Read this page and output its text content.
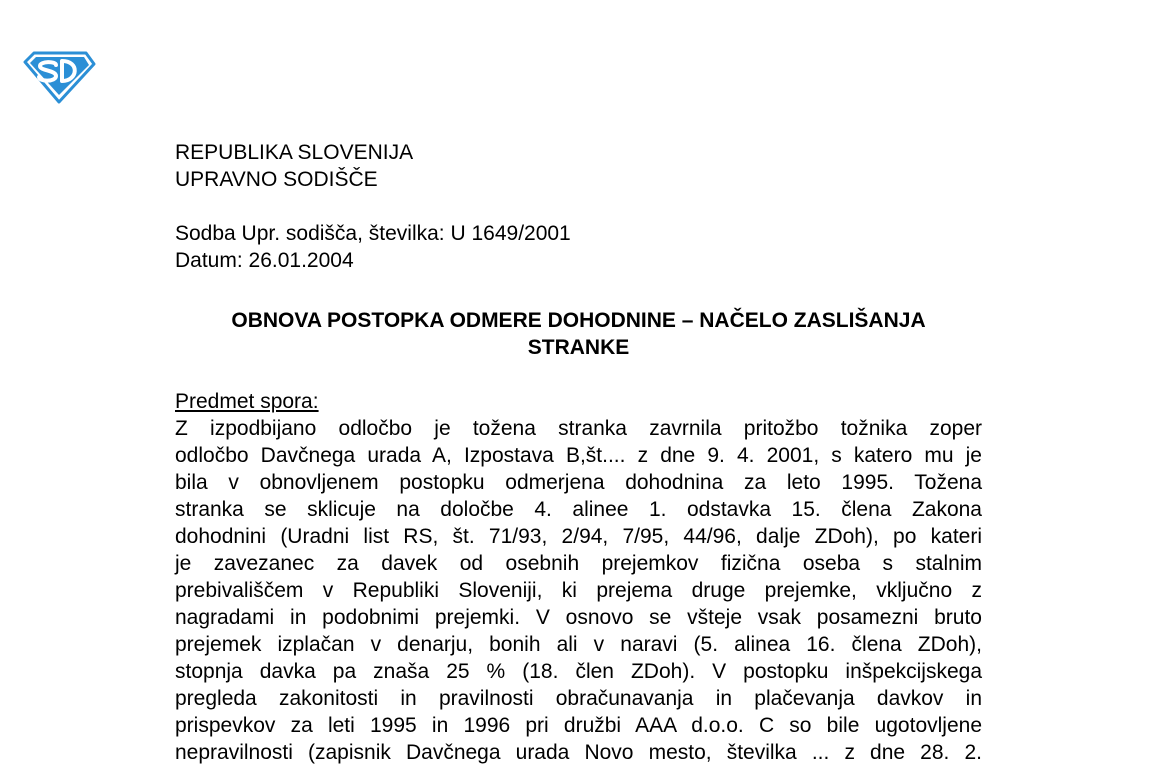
REPUBLIKA SLOVENIJA
UPRAVNO SODIŠČE
Sodba Upr. sodišča, številka: U 1649/2001
Datum: 26.01.2004
OBNOVA POSTOPKA ODMERE DOHODNINE – NAČELO ZASLIŠANJA
STRANKE
Predmet spora:

Z izpodbijano odločbo je tožena stranka zavrnila pritožbo tožnika zoper

odločbo Davčnega urada A, Izpostava B,št.... z dne 9. 4. 2001, s katero mu je

bila v obnovljenem postopku odmerjena dohodnina za leto 1995. Tožena

stranka se sklicuje na določbe 4. alinee 1. odstavka 15. člena Zakona

dohodnini (Uradni list RS, št. 71/93, 2/94, 7/95, 44/96, dalje ZDoh), po kateri

je zavezanec za davek od osebnih prejemkov fizična oseba s stalnim

prebivališčem v Republiki Sloveniji, ki prejema druge prejemke, vključno z

nagradami in podobnimi prejemki. V osnovo se všteje vsak posamezni bruto

prejemek izplačan v denarju, bonih ali v naravi (5. alinea 16. člena ZDoh),

stopnja davka pa znaša 25 % (18. člen ZDoh). V postopku inšpekcijskega

pregleda zakonitosti in pravilnosti obračunavanja in plačevanja davkov in

prispevkov za leti 1995 in 1996 pri družbi AAA d.o.o. C so bile ugotovljene

nepravilnosti (zapisnik Davčnega urada Novo mesto, številka ... z dne 28. 2.
